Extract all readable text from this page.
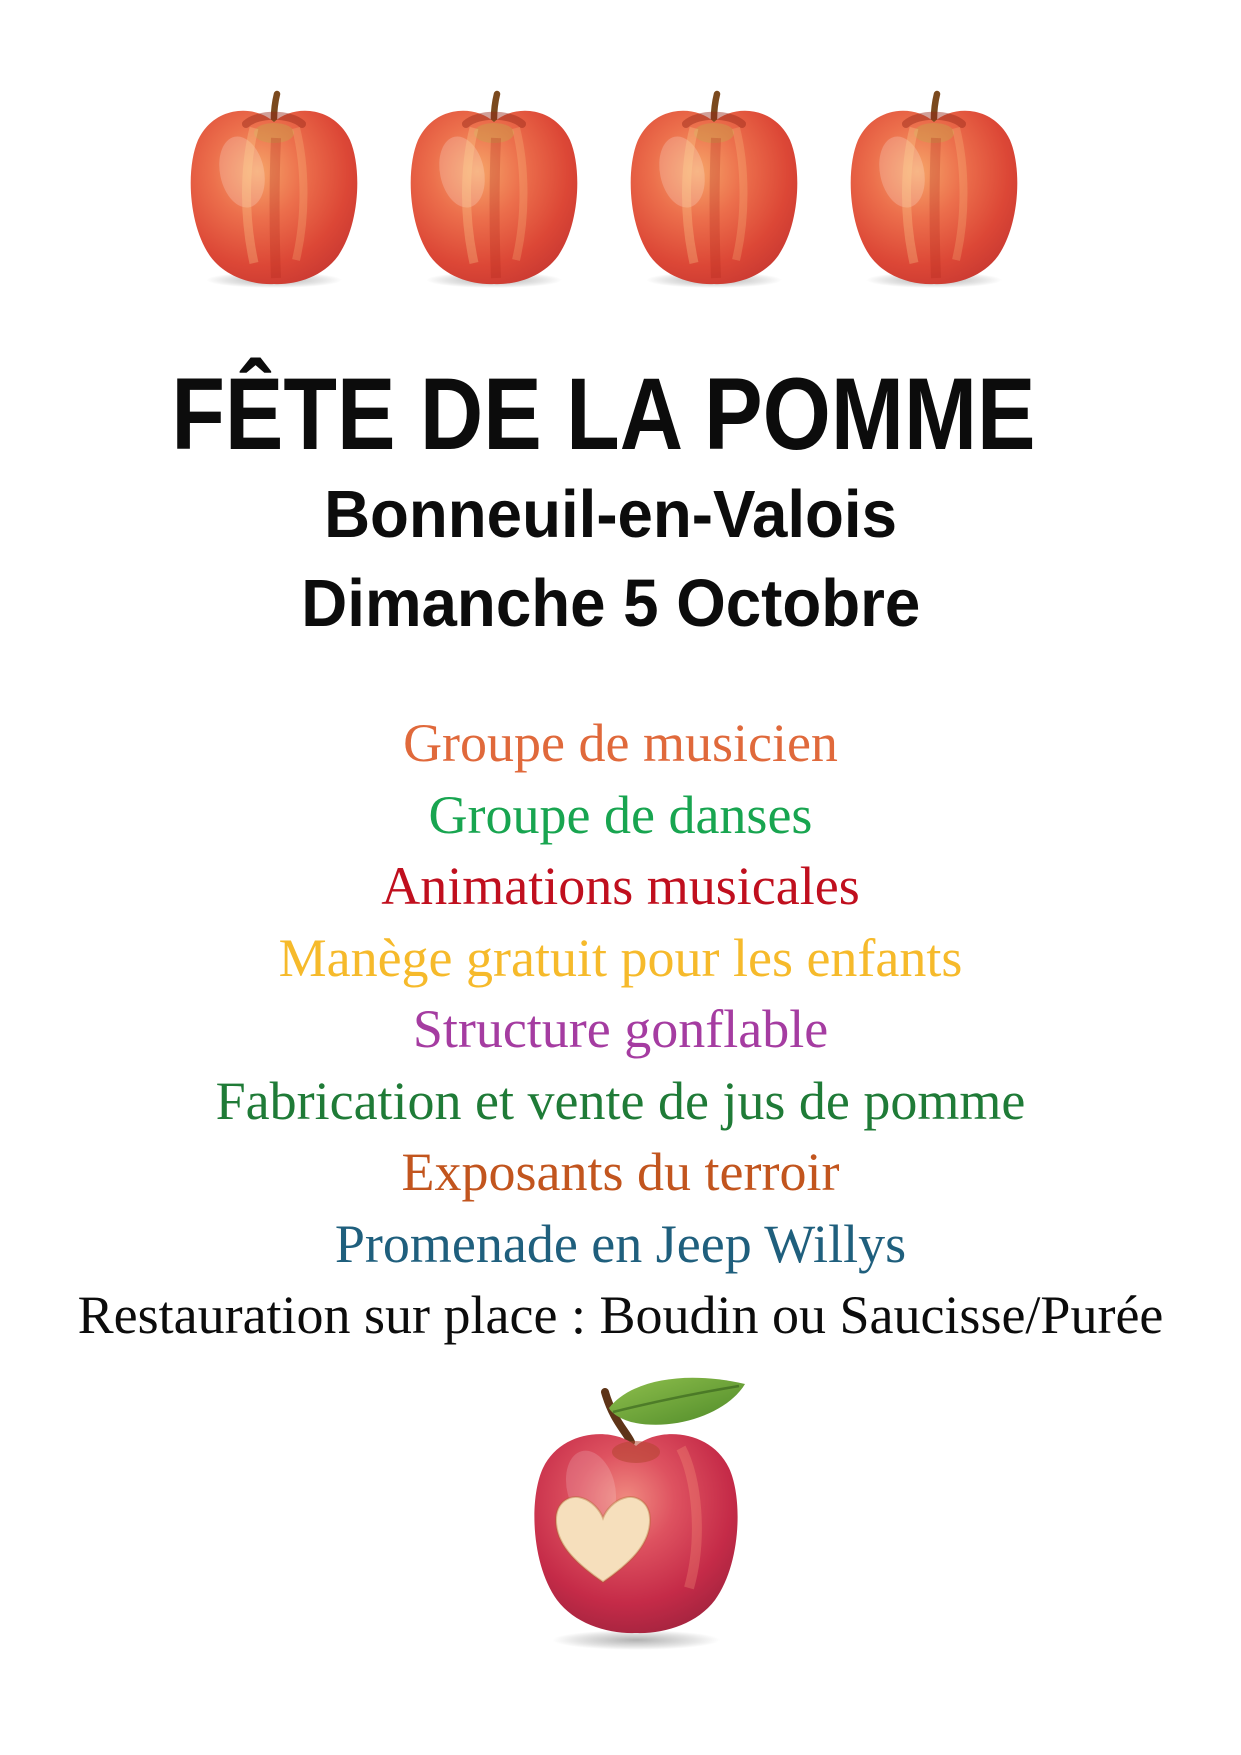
FÊTE DE LA POMME
Bonneuil-en-Valois
Dimanche 5 Octobre
Groupe de musicien
Groupe de danses
Animations musicales
Manège gratuit pour les enfants
Structure gonflable
Fabrication et vente de jus de pomme
Exposants du terroir
Promenade en Jeep Willys
Restauration sur place : Boudin ou Saucisse/Purée
